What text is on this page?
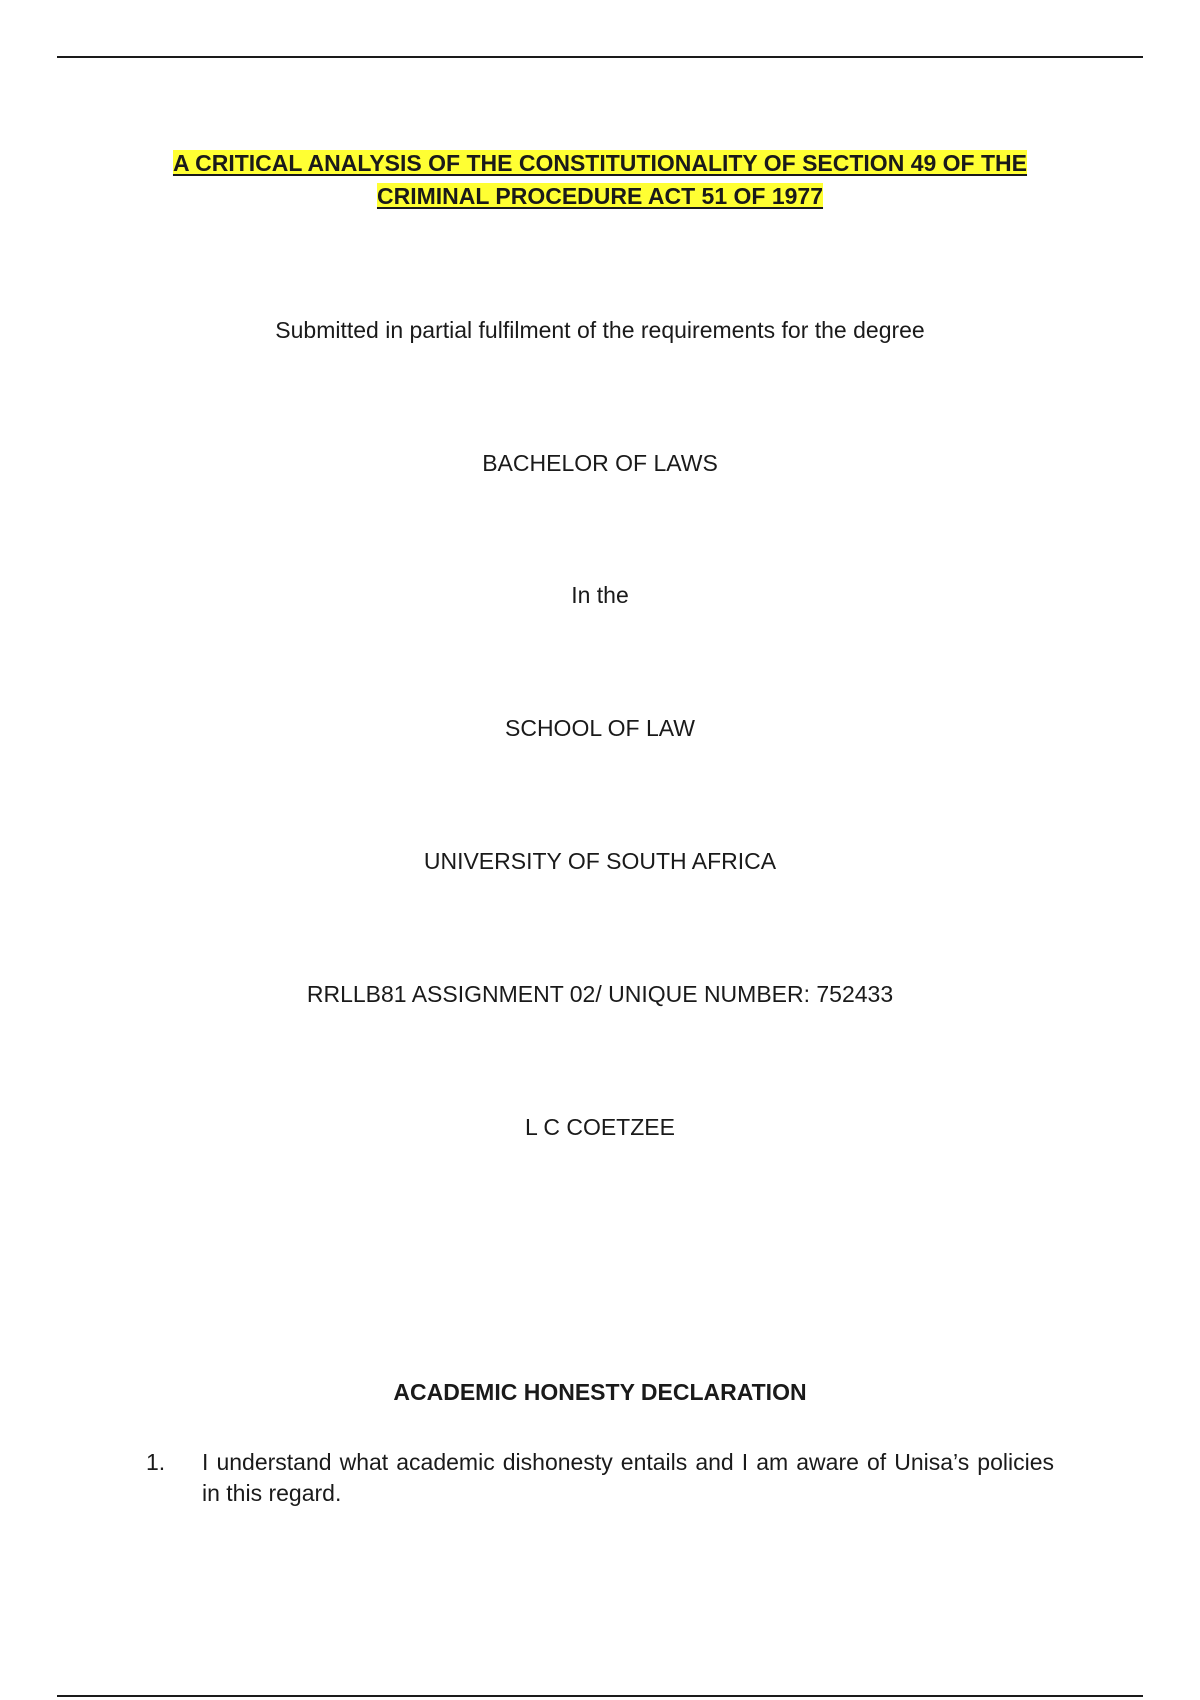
A CRITICAL ANALYSIS OF THE CONSTITUTIONALITY OF SECTION 49 OF THE
CRIMINAL PROCEDURE ACT 51 OF 1977
Submitted in partial fulfilment of the requirements for the degree
BACHELOR OF LAWS
In the
SCHOOL OF LAW
UNIVERSITY OF SOUTH AFRICA
RRLLB81 ASSIGNMENT 02/ UNIQUE NUMBER: 752433
L C COETZEE
ACADEMIC HONESTY DECLARATION
1. I understand what academic dishonesty entails and I am aware of Unisa’s policies in this regard.
